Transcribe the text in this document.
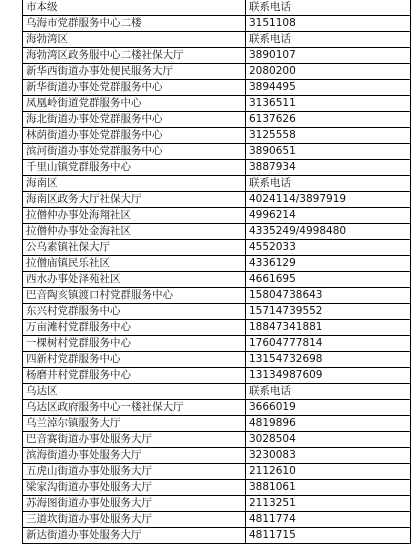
市本级	联系电话
乌海市党群服务中心二楼	3151108
海勃湾区	联系电话
海勃湾区政务服中心二楼社保大厅	3890107
新华西街道办事处便民服务大厅	2080200
新华街道办事处党群服务中心	3894495
凤凰岭街道党群服务中心	3136511
海北街道办事处党群服务中心	6137626
林荫街道办事处党群服务中心	3125558
滨河街道办事处党群服务中心	3890651
千里山镇党群服务中心	3887934
海南区	联系电话
海南区政务大厅社保大厅	4024114/3897919
拉僧仲办事处海翔社区	4996214
拉僧仲办事处金海社区	4335249/4998480
公乌素镇社保大厅	4552033
拉僧庙镇民乐社区	4336129
西水办事处泽苑社区	4661695
巴音陶亥镇渡口村党群服务中心	15804738643
东兴村党群服务中心	15714739552
万亩滩村党群服务中心	18847341881
一棵树村党群服务中心	17604777814
四新村党群服务中心	13154732698
杨磨井村党群服务中心	13134987609
乌达区	联系电话
乌达区政府服务中心一楼社保大厅	3666019
乌兰淖尔镇服务大厅	4819896
巴音赛街道办事处服务大厅	3028504
滨海街道办事处服务大厅	3230083
五虎山街道办事处服务大厅	2112610
梁家沟街道办事处服务大厅	3881061
苏海图街道办事处服务大厅	2113251
三道坎街道办事处服务大厅	4811774
新达街道办事处服务大厅	4811715
